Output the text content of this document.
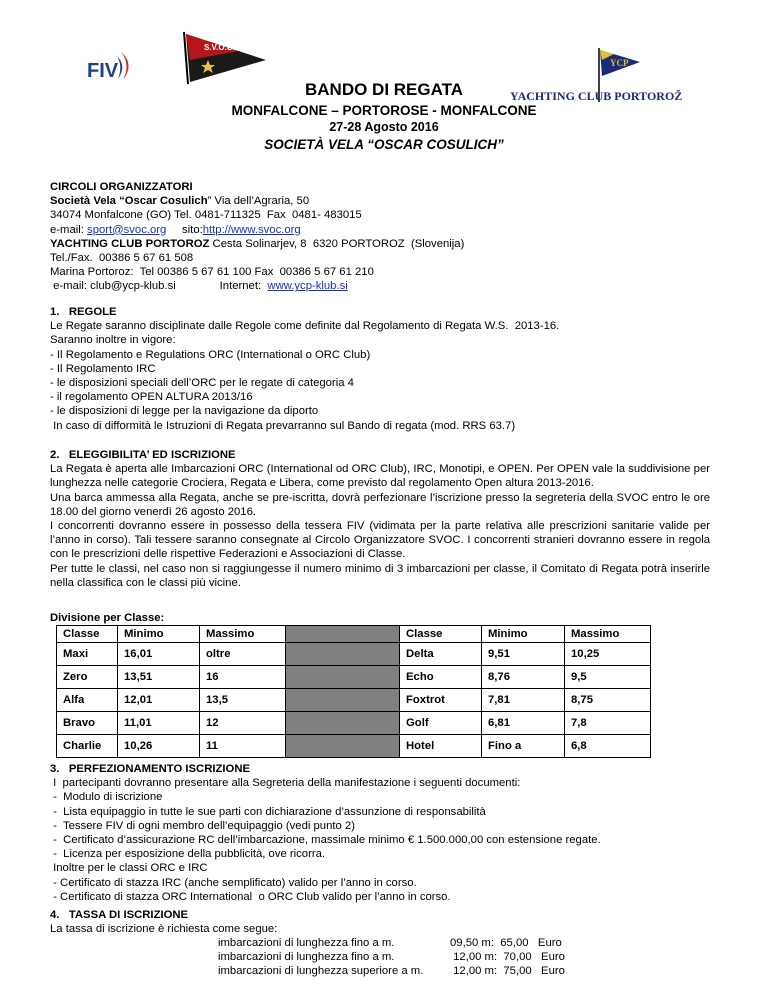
FIV
S.V.O.C.
dal 1933
YCP
YACHTING CLUB PORTOROŽ
BANDO DI REGATA
MONFALCONE – PORTOROSE - MONFALCONE
27-28 Agosto 2016
SOCIETÀ VELA “OSCAR COSULICH”
CIRCOLI ORGANIZZATORI
Società Vela “Oscar Cosulich” Via dell’Agraria, 50
34074 Monfalcone (GO) Tel. 0481-711325  Fax  0481- 483015
e-mail: sport@svoc.org     sito:http://www.svoc.org
YACHTING CLUB PORTOROZ Cesta Solinarjev, 8  6320 PORTOROZ  (Slovenija)
Tel./Fax.  00386 5 67 61 508
Marina Portoroz:  Tel 00386 5 67 61 100 Fax  00386 5 67 61 210
e-mail: club@ycp-klub.si              Internet:  www.ycp-klub.si
1.   REGOLE
Le Regate saranno disciplinate dalle Regole come definite dal Regolamento di Regata W.S.  2013-16.
Saranno inoltre in vigore:
- Il Regolamento e Regulations ORC (International o ORC Club)
- Il Regolamento IRC
- le disposizioni speciali dell’ORC per le regate di categoria 4
- il regolamento OPEN ALTURA 2013/16
- le disposizioni di legge per la navigazione da diporto
In caso di difformità le Istruzioni di Regata prevarranno sul Bando di regata (mod. RRS 63.7)
2.   ELEGGIBILITA’ ED ISCRIZIONE
La Regata è aperta alle Imbarcazioni ORC (International od ORC Club), IRC, Monotipi, e OPEN. Per OPEN vale la suddivisione per lunghezza nelle categorie Crociera, Regata e Libera, come previsto dal regolamento Open altura 2013-2016.
Una barca ammessa alla Regata, anche se pre-iscritta, dovrà perfezionare l’iscrizione presso la segreteria della SVOC entro le ore 18.00 del giorno venerdì 26 agosto 2016.
I concorrenti dovranno essere in possesso della tessera FIV (vidimata per la parte relativa alle prescrizioni sanitarie valide per l’anno in corso). Tali tessere saranno consegnate al Circolo Organizzatore SVOC. I concorrenti stranieri dovranno essere in regola con le prescrizioni delle rispettive Federazioni e Associazioni di Classe.
Per tutte le classi, nel caso non si raggiungesse il numero minimo di 3 imbarcazioni per classe, il Comitato di Regata potrà inserirle nella classifica con le classi più vicine.
Divisione per Classe:
Classe	Minimo	Massimo		Classe	Minimo	Massimo
Maxi	16,01	oltre		Delta	9,51	10,25
Zero	13,51	16		Echo	8,76	9,5
Alfa	12,01	13,5		Foxtrot	7,81	8,75
Bravo	11,01	12		Golf	6,81	7,8
Charlie	10,26	11		Hotel	Fino a	6,8
3.   PERFEZIONAMENTO ISCRIZIONE
I  partecipanti dovranno presentare alla Segreteria della manifestazione i seguenti documenti:
-  Modulo di iscrizione
-  Lista equipaggio in tutte le sue parti con dichiarazione d’assunzione di responsabilità
-  Tessere FIV di ogni membro dell’equipaggio (vedi punto 2)
-  Certificato d’assicurazione RC dell’imbarcazione, massimale minimo € 1.500.000,00 con estensione regate.
-  Licenza per esposizione della pubblicità, ove ricorra.
Inoltre per le classi ORC e IRC
- Certificato di stazza IRC (anche semplificato) valido per l’anno in corso.
- Certificato di stazza ORC International  o ORC Club valido per l’anno in corso.
4.   TASSA DI ISCRIZIONE
La tassa di iscrizione è richiesta come segue:
imbarcazioni di lunghezza fino a m.	09,50 m:  65,00   Euro
imbarcazioni di lunghezza fino a m.	12,00 m:  70,00   Euro
imbarcazioni di lunghezza superiore a m. 12,00 m:  75,00   Euro
